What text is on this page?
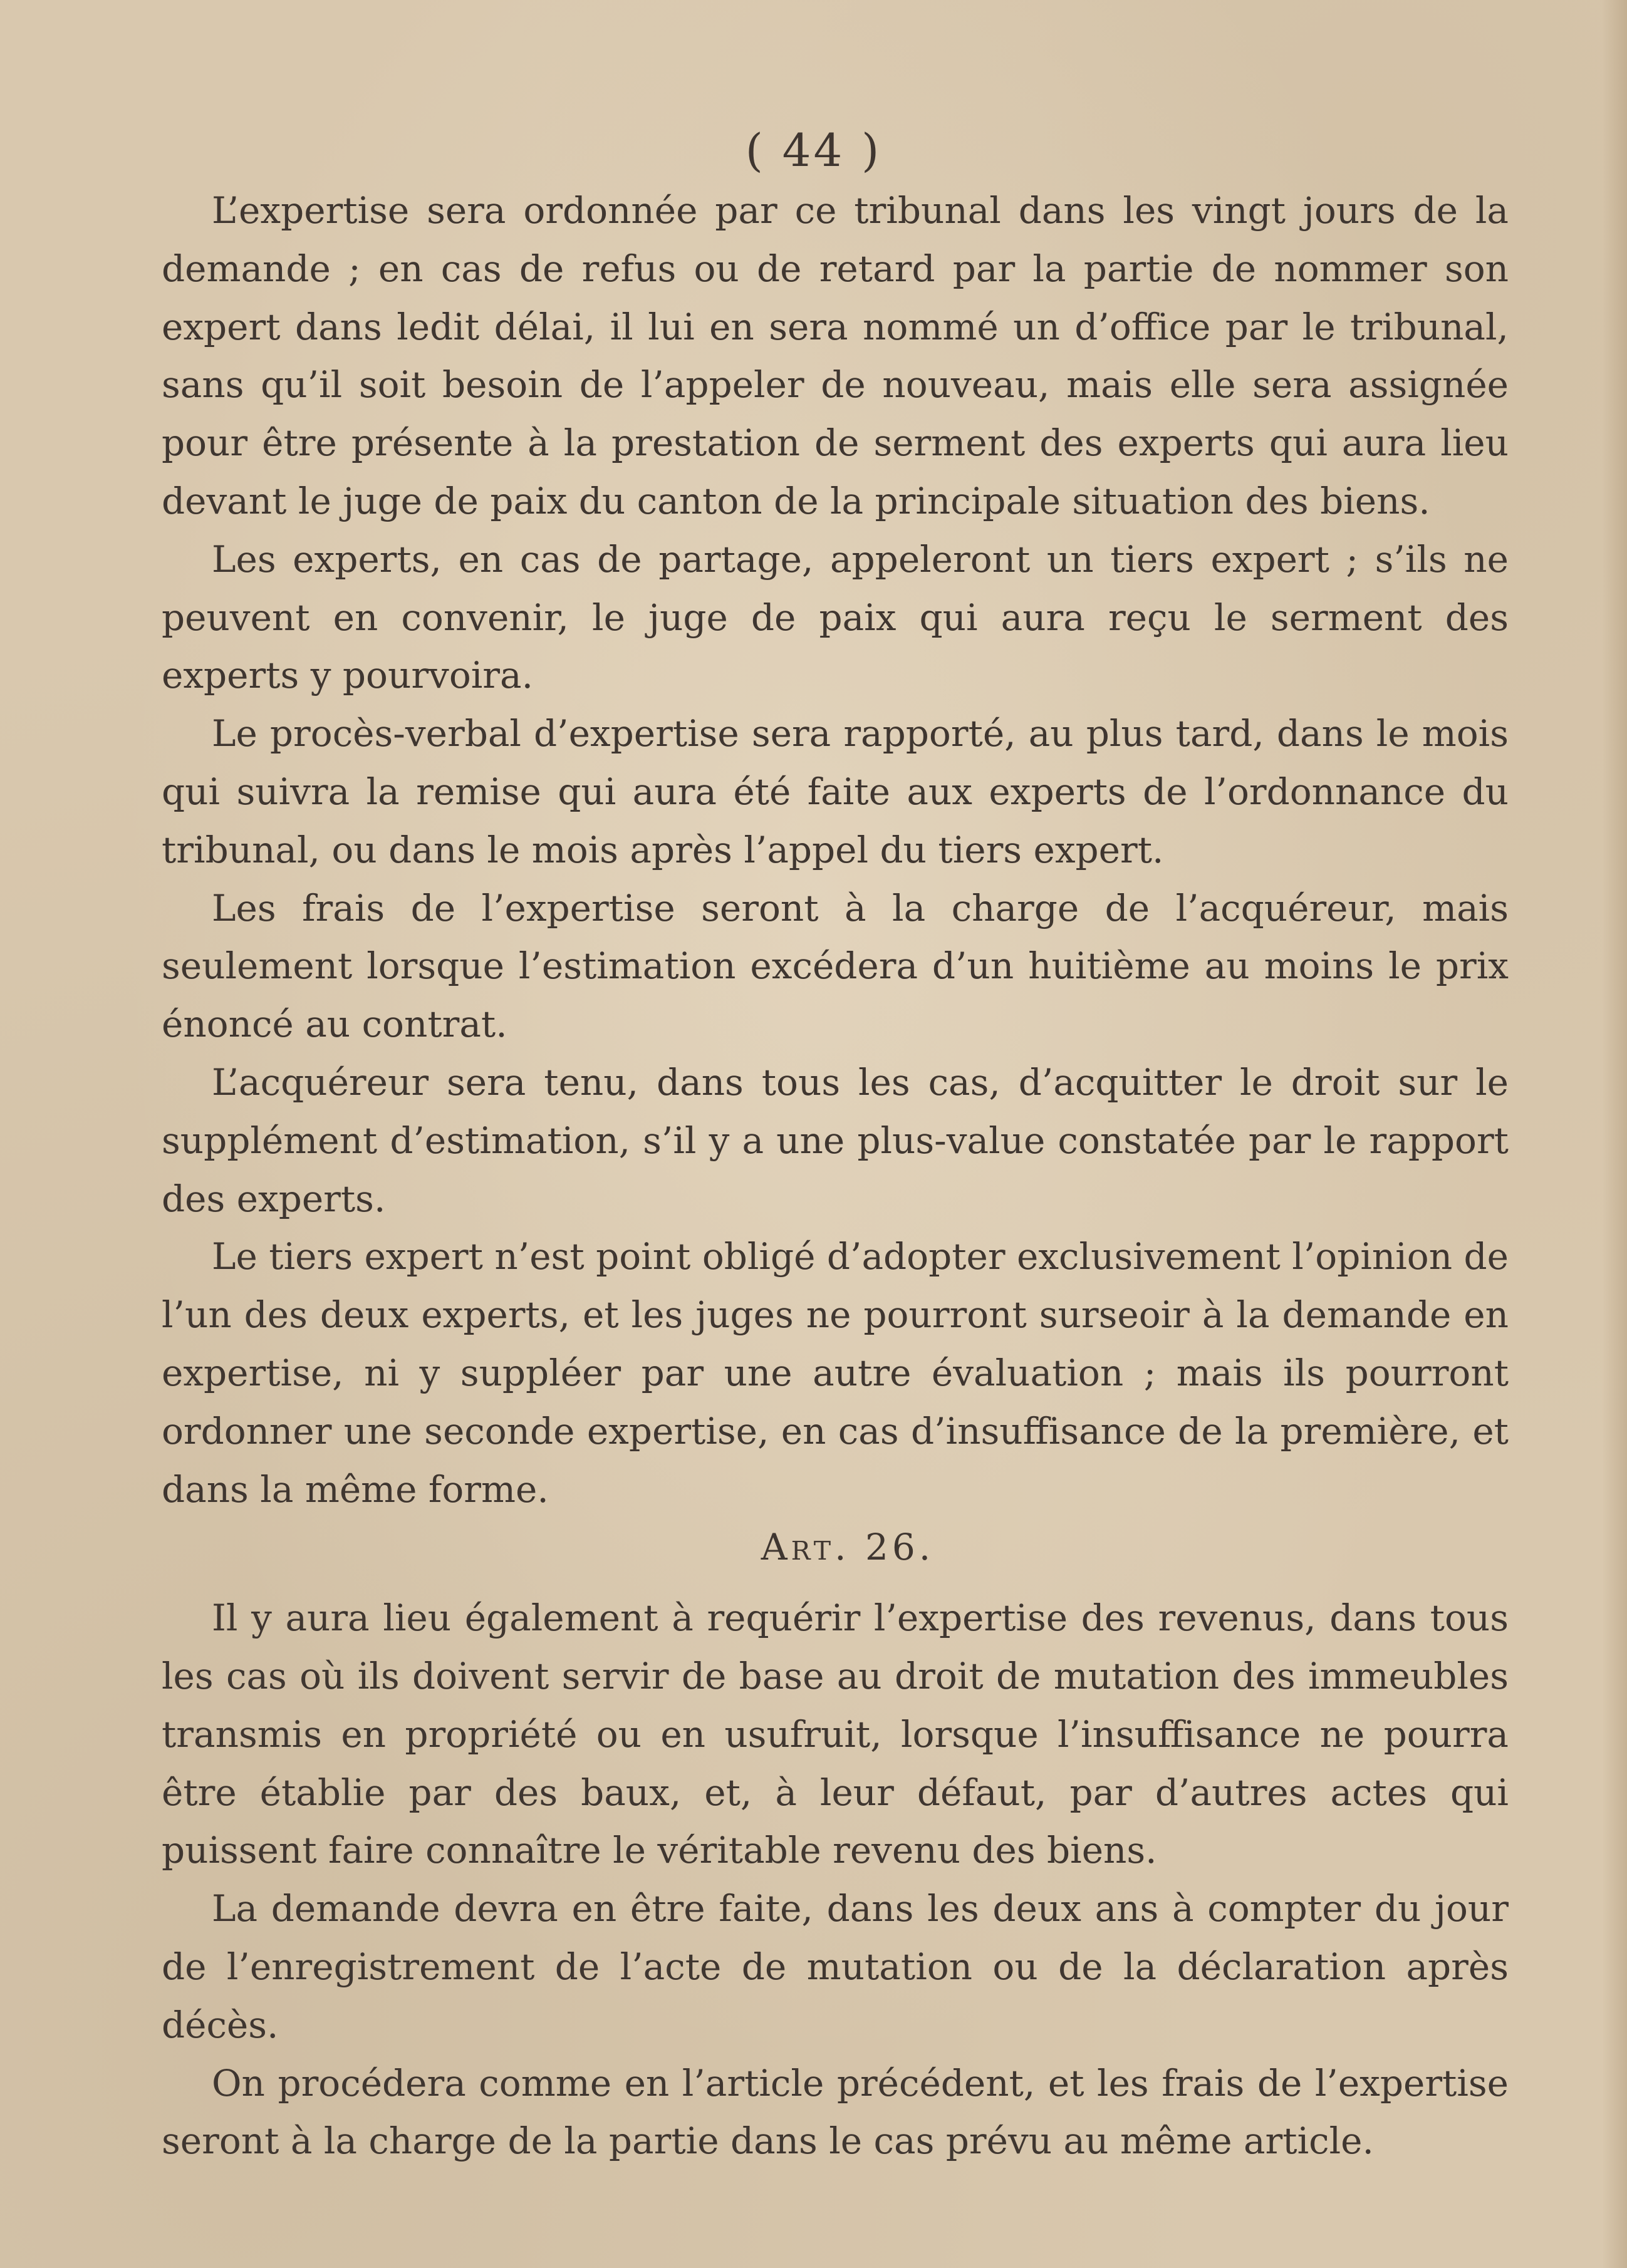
( 44 )

L’expertise sera ordonnée par ce tribunal dans les vingt jours de la demande ; en cas de refus ou de retard par la partie de nommer son expert dans ledit délai, il lui en sera nommé un d’office par le tribunal, sans qu’il soit besoin de l’appeler de nouveau, mais elle sera assignée pour être présente à la prestation de serment des experts qui aura lieu devant le juge de paix du canton de la principale situation des biens.

Les experts, en cas de partage, appeleront un tiers expert ; s’ils ne peuvent en convenir, le juge de paix qui aura reçu le serment des experts y pourvoira.

Le procès-verbal d’expertise sera rapporté, au plus tard, dans le mois qui suivra la remise qui aura été faite aux experts de l’ordonnance du tribunal, ou dans le mois après l’appel du tiers expert.

Les frais de l’expertise seront à la charge de l’acquéreur, mais seulement lorsque l’estimation excédera d’un huitième au moins le prix énoncé au contrat.

L’acquéreur sera tenu, dans tous les cas, d’acquitter le droit sur le supplément d’estimation, s’il y a une plus-value constatée par le rapport des experts.

Le tiers expert n’est point obligé d’adopter exclusivement l’opinion de l’un des deux experts, et les juges ne pourront surseoir à la demande en expertise, ni y suppléer par une autre évaluation ; mais ils pourront ordonner une seconde expertise, en cas d’insuffisance de la première, et dans la même forme.

Art. 26.

Il y aura lieu également à requérir l’expertise des revenus, dans tous les cas où ils doivent servir de base au droit de mutation des immeubles transmis en propriété ou en usufruit, lorsque l’insuffisance ne pourra être établie par des baux, et, à leur défaut, par d’autres actes qui puissent faire connaître le véritable revenu des biens.

La demande devra en être faite, dans les deux ans à compter du jour de l’enregistrement de l’acte de mutation ou de la déclaration après décès.

On procédera comme en l’article précédent, et les frais de l’expertise seront à la charge de la partie dans le cas prévu au même article.
